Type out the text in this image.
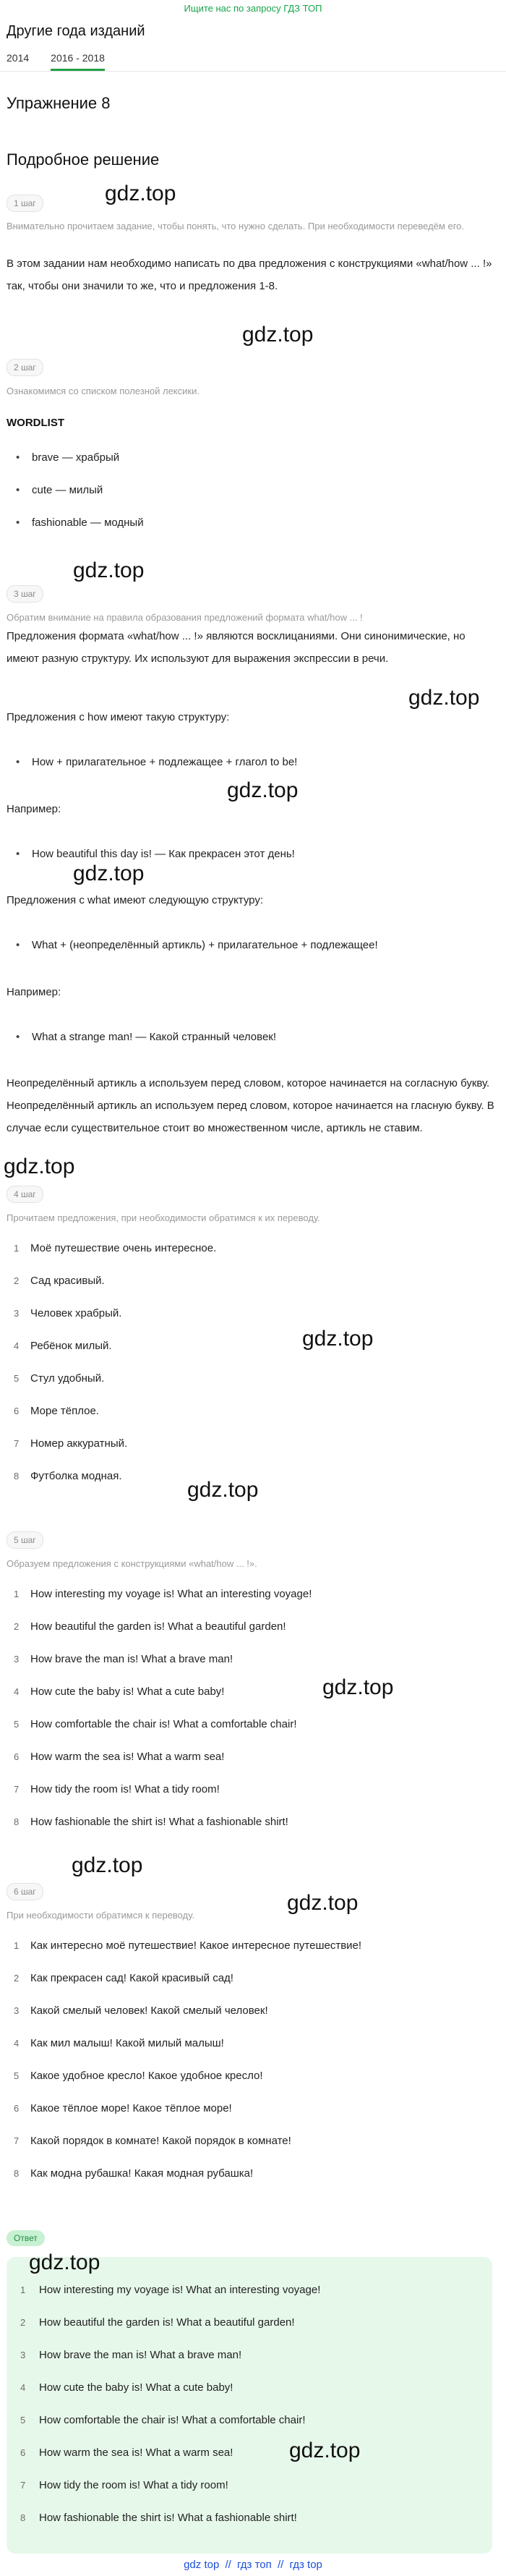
Ищите нас по запросу ГДЗ ТОП
Другие года изданий
2014 2016 - 2018
Упражнение 8
Подробное решение
1 шаг
Внимательно прочитаем задание, чтобы понять, что нужно сделать. При необходимости переведём его.
В этом задании нам необходимо написать по два предложения с конструкциями «what/how ... !» так, чтобы они значили то же, что и предложения 1-8.
2 шаг
Ознакомимся со списком полезной лексики.
WORDLIST
• brave — храбрый
• cute — милый
• fashionable — модный
3 шаг
Обратим внимание на правила образования предложений формата what/how ... !
Предложения формата «what/how ... !» являются восклицаниями. Они синонимические, но имеют разную структуру. Их используют для выражения экспрессии в речи.
Предложения с how имеют такую структуру:
• How + прилагательное + подлежащее + глагол to be!
Например:
• How beautiful this day is! — Как прекрасен этот день!
Предложения с what имеют следующую структуру:
• What + (неопределённый артикль) + прилагательное + подлежащее!
Например:
• What a strange man! — Какой странный человек!
Неопределённый артикль а используем перед словом, которое начинается на согласную букву. Неопределённый артикль an используем перед словом, которое начинается на гласную букву. В случае если существительное стоит во множественном числе, артикль не ставим.
4 шаг
Прочитаем предложения, при необходимости обратимся к их переводу.
1	Моё путешествие очень интересное.
2	Сад красивый.
3	Человек храбрый.
4	Ребёнок милый.
5	Стул удобный.
6	Море тёплое.
7	Номер аккуратный.
8	Футболка модная.
5 шаг
Образуем предложения с конструкциями «what/how ... !».
1	How interesting my voyage is! What an interesting voyage!
2	How beautiful the garden is! What a beautiful garden!
3	How brave the man is! What a brave man!
4	How cute the baby is! What a cute baby!
5	How comfortable the chair is! What a comfortable chair!
6	How warm the sea is! What a warm sea!
7	How tidy the room is! What a tidy room!
8	How fashionable the shirt is! What a fashionable shirt!
6 шаг
При необходимости обратимся к переводу.
1	Как интересно моё путешествие! Какое интересное путешествие!
2	Как прекрасен сад! Какой красивый сад!
3	Какой смелый человек! Какой смелый человек!
4	Как мил малыш! Какой милый малыш!
5	Какое удобное кресло! Какое удобное кресло!
6	Какое тёплое море! Какое тёплое море!
7	Какой порядок в комнате! Какой порядок в комнате!
8	Как модна рубашка! Какая модная рубашка!
Ответ
1	How interesting my voyage is! What an interesting voyage!
2	How beautiful the garden is! What a beautiful garden!
3	How brave the man is! What a brave man!
4	How cute the baby is! What a cute baby!
5	How comfortable the chair is! What a comfortable chair!
6	How warm the sea is! What a warm sea!
7	How tidy the room is! What a tidy room!
8	How fashionable the shirt is! What a fashionable shirt!
gdz.top
gdz.top
gdz.top
gdz.top
gdz.top
gdz.top
gdz.top
gdz.top
gdz.top
gdz.top
gdz.top
gdz.top
gdz.top
gdz.top
gdz top // гдз топ // гдз top
